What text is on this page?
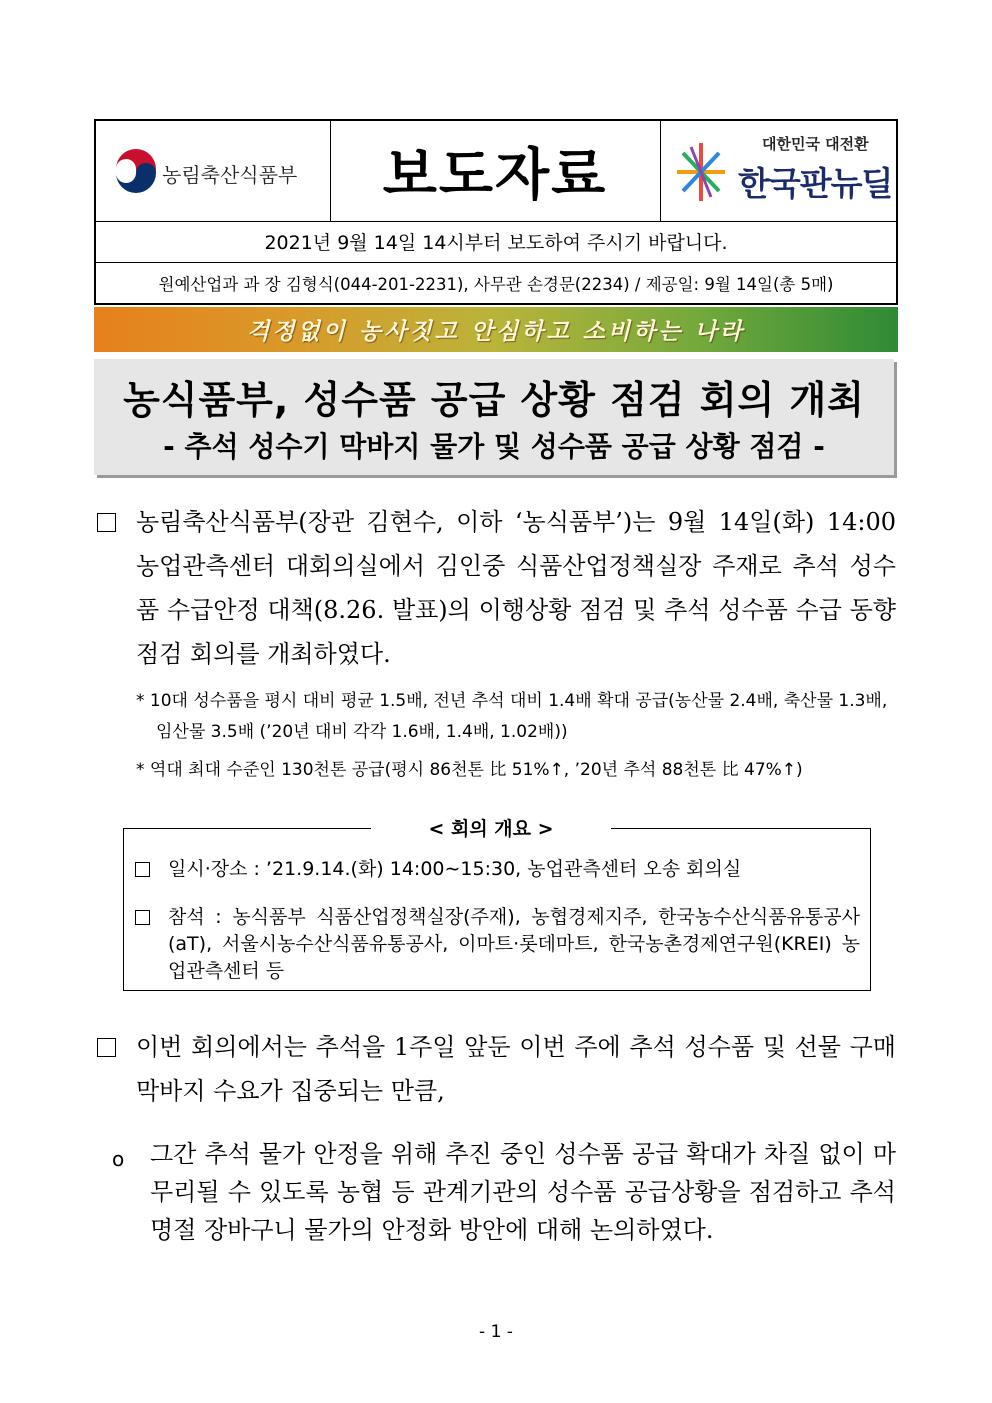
농림축산식품부 보도자료	대한민국 대전환
한국판뉴딜
2021년 9월 14일 14시부터 보도하여 주시기 바랍니다.
원예산업과 과 장 김형식(044-201-2231), 사무관 손경문(2234) / 제공일: 9월 14일(총 5매)
걱정없이 농사짓고 안심하고 소비하는 나라
농식품부, 성수품 공급 상황 점검 회의 개최
- 추석 성수기 막바지 물가 및 성수품 공급 상황 점검 -
농림축산식품부(장관 김현수, 이하 ‘농식품부’)는 9월 14일(화) 14:00 농업관측센터 대회의실에서 김인중 식품산업정책실장 주재로 추석 성수품 수급안정 대책(8.26. 발표)의 이행상황 점검 및 추석 성수품 수급 동향 점검 회의를 개최하였다.
* 10대 성수품을 평시 대비 평균 1.5배, 전년 추석 대비 1.4배 확대 공급(농산물 2.4배, 축산물 1.3배, 임산물 3.5배 (’20년 대비 각각 1.6배, 1.4배, 1.02배))
* 역대 최대 수준인 130천톤 공급(평시 86천톤 比 51%↑, ’20년 추석 88천톤 比 47%↑)
< 회의 개요 >
일시·장소 : ’21.9.14.(화) 14:00∼15:30, 농업관측센터 오송 회의실
참석 : 농식품부 식품산업정책실장(주재), 농협경제지주, 한국농수산식품유통공사(aT), 서울시농수산식품유통공사, 이마트·롯데마트, 한국농촌경제연구원(KREI) 농업관측센터 등
이번 회의에서는 추석을 1주일 앞둔 이번 주에 추석 성수품 및 선물 구매 막바지 수요가 집중되는 만큼,
o 그간 추석 물가 안정을 위해 추진 중인 성수품 공급 확대가 차질 없이 마무리될 수 있도록 농협 등 관계기관의 성수품 공급상황을 점검하고 추석 명절 장바구니 물가의 안정화 방안에 대해 논의하였다.
- 1 -
